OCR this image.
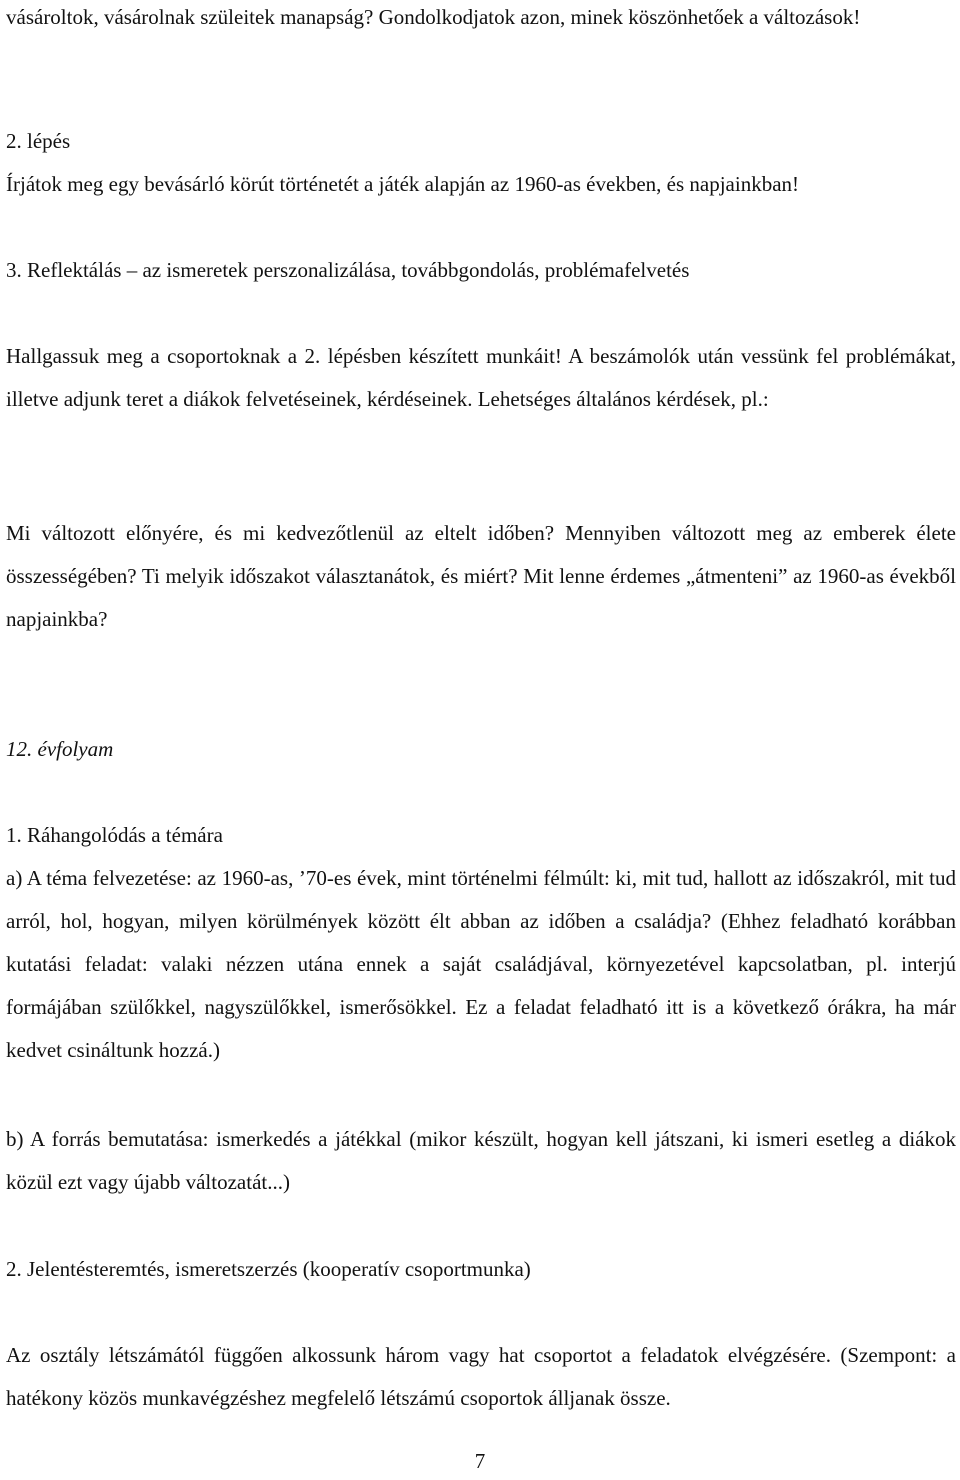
vásároltok, vásárolnak szüleitek manapság? Gondolkodjatok azon, minek köszönhetőek a változások!

2. lépés

Írjátok meg egy bevásárló körút történetét a játék alapján az 1960-as években, és napjainkban!

3. Reflektálás – az ismeretek perszonalizálása, továbbgondolás, problémafelvetés

Hallgassuk meg a csoportoknak a 2. lépésben készített munkáit! A beszámolók után vessünk fel problémákat, illetve adjunk teret a diákok felvetéseinek, kérdéseinek. Lehetséges általános kérdések, pl.:

Mi változott előnyére, és mi kedvezőtlenül az eltelt időben? Mennyiben változott meg az emberek élete összességében? Ti melyik időszakot választanátok, és miért? Mit lenne érdemes „átmenteni” az 1960-as évekből napjainkba?

12. évfolyam

1. Ráhangolódás a témára

a) A téma felvezetése: az 1960-as, ’70-es évek, mint történelmi félmúlt: ki, mit tud, hallott az időszakról, mit tud arról, hol, hogyan, milyen körülmények között élt abban az időben a családja? (Ehhez feladható korábban kutatási feladat: valaki nézzen utána ennek a saját családjával, környezetével kapcsolatban, pl. interjú formájában szülőkkel, nagyszülőkkel, ismerősökkel. Ez a feladat feladható itt is a következő órákra, ha már kedvet csináltunk hozzá.)

b) A forrás bemutatása: ismerkedés a játékkal (mikor készült, hogyan kell játszani, ki ismeri esetleg a diákok közül ezt vagy újabb változatát...)

2. Jelentésteremtés, ismeretszerzés (kooperatív csoportmunka)

Az osztály létszámától függően alkossunk három vagy hat csoportot a feladatok elvégzésére. (Szempont: a hatékony közös munkavégzéshez megfelelő létszámú csoportok álljanak össze.

7
